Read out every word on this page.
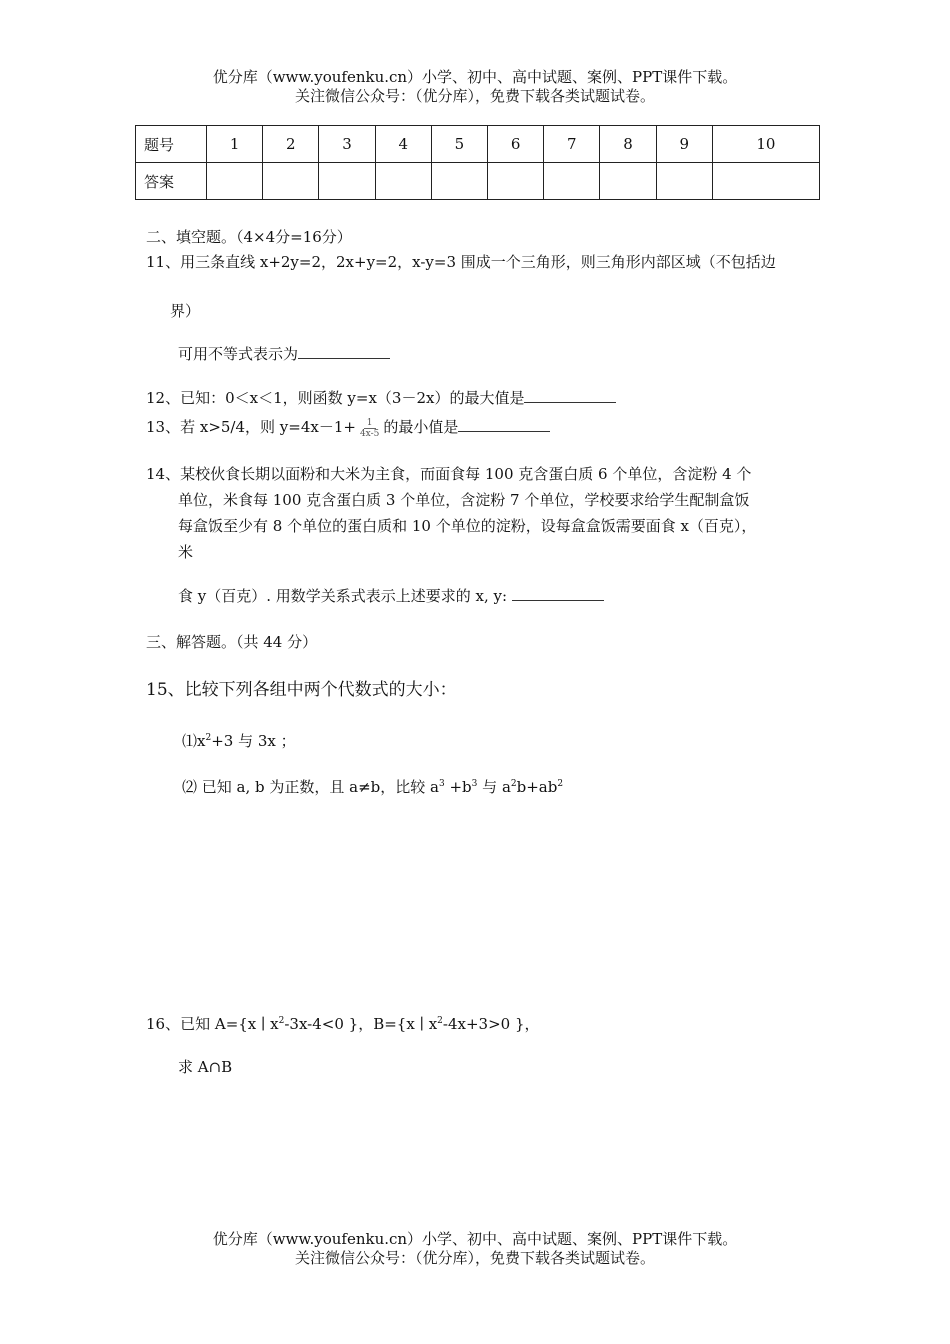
优分库（www.youfenku.cn）小学、初中、高中试题、案例、PPT课件下载。
关注微信公众号：（优分库），免费下载各类试题试卷。
题号	1	2	3	4	5	6	7	8	9	10
答案										
二、填空题。（4×4分=16分）
11、用三条直线 x+2y=2，2x+y=2，x-y=3 围成一个三角形，则三角形内部区域（不包括边
界）
可用不等式表示为
12、已知：0＜x＜1，则函数 y=x（3－2x）的最大值是
13、若 x>5/4，则 $y=4x-1+ \frac{1}{4x-5}$ 的最小值是
14、某校伙食长期以面粉和大米为主食，而面食每 100 克含蛋白质 6 个单位，含淀粉 4 个
单位，米食每 100 克含蛋白质 3 个单位，含淀粉 7 个单位，学校要求给学生配制盒饭
每盒饭至少有 8 个单位的蛋白质和 10 个单位的淀粉，设每盒盒饭需要面食 x（百克），
米
食 y（百克）. 用数学关系式表示上述要求的 x, y:
三、解答题。（共 44 分）
15、比较下列各组中两个代数式的大小：
$⑴x^2+3$ 与 3x ；
⑵ 已知 a, b 为正数，且 a≠b，比较 $a^3 +b^3$ 与 $a^2b+ab^2$
16、已知 A={x ∣ $x^2-3x-4<0$ }，B={x ∣ $x^2-4x+3>0$ }，
求 A∩B
优分库（www.youfenku.cn）小学、初中、高中试题、案例、PPT课件下载。
关注微信公众号：（优分库），免费下载各类试题试卷。
